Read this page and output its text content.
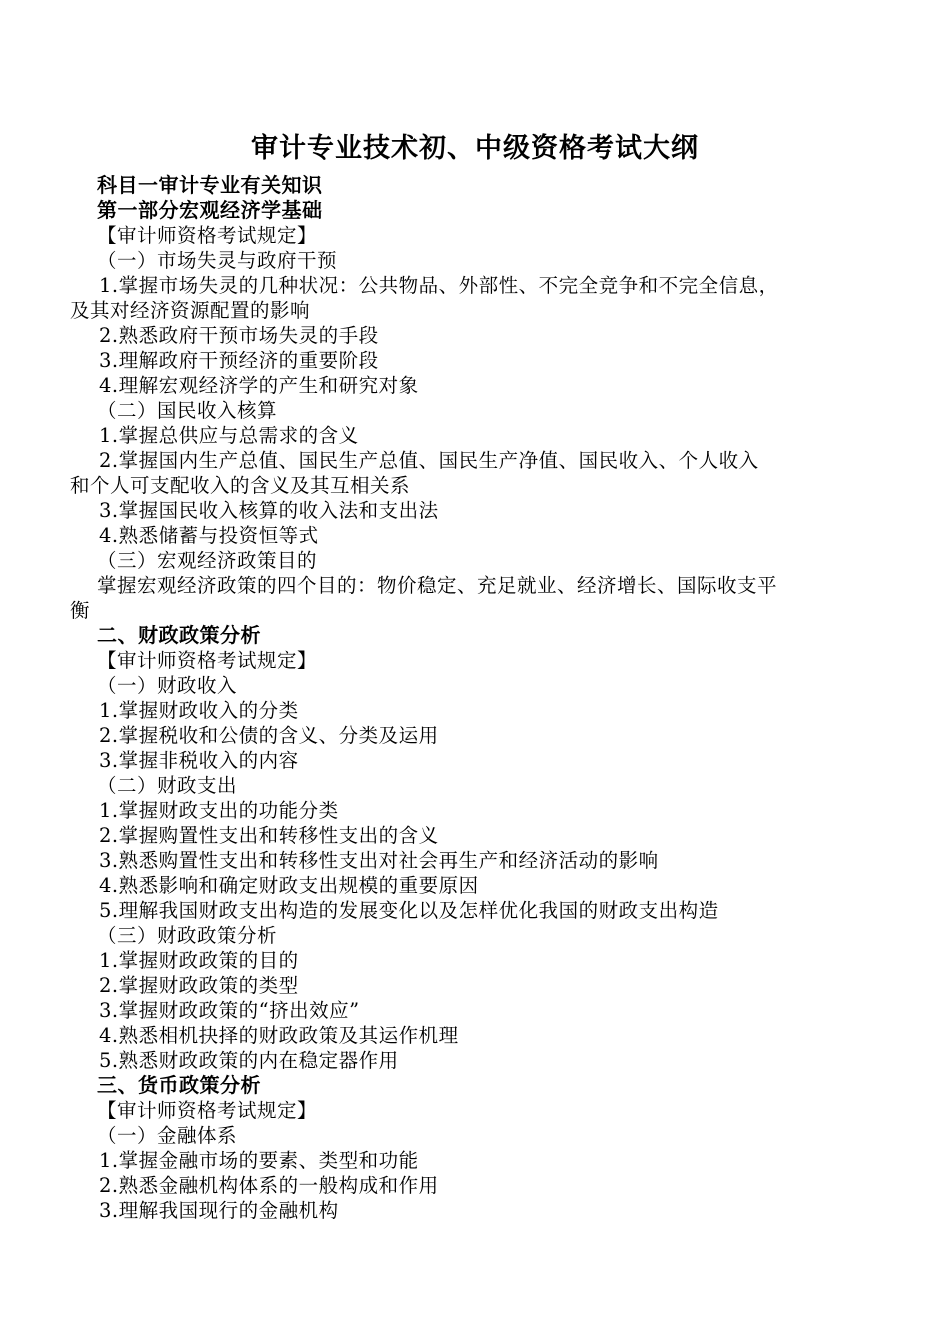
审计专业技术初、中级资格考试大纲
科目一审计专业有关知识
第一部分宏观经济学基础
【审计师资格考试规定】
（一）市场失灵与政府干预
1.掌握市场失灵的几种状况：公共物品、外部性、不完全竞争和不完全信息，
及其对经济资源配置的影响
2.熟悉政府干预市场失灵的手段
3.理解政府干预经济的重要阶段
4.理解宏观经济学的产生和研究对象
（二）国民收入核算
1.掌握总供应与总需求的含义
2.掌握国内生产总值、国民生产总值、国民生产净值、国民收入、个人收入
和个人可支配收入的含义及其互相关系
3.掌握国民收入核算的收入法和支出法
4.熟悉储蓄与投资恒等式
（三）宏观经济政策目的
掌握宏观经济政策的四个目的：物价稳定、充足就业、经济增长、国际收支平
衡
二、财政政策分析
【审计师资格考试规定】
（一）财政收入
1.掌握财政收入的分类
2.掌握税收和公债的含义、分类及运用
3.掌握非税收入的内容
（二）财政支出
1.掌握财政支出的功能分类
2.掌握购置性支出和转移性支出的含义
3.熟悉购置性支出和转移性支出对社会再生产和经济活动的影响
4.熟悉影响和确定财政支出规模的重要原因
5.理解我国财政支出构造的发展变化以及怎样优化我国的财政支出构造
（三）财政政策分析
1.掌握财政政策的目的
2.掌握财政政策的类型
3.掌握财政政策的“挤出效应”
4.熟悉相机抉择的财政政策及其运作机理
5.熟悉财政政策的内在稳定器作用
三、货币政策分析
【审计师资格考试规定】
（一）金融体系
1.掌握金融市场的要素、类型和功能
2.熟悉金融机构体系的一般构成和作用
3.理解我国现行的金融机构
